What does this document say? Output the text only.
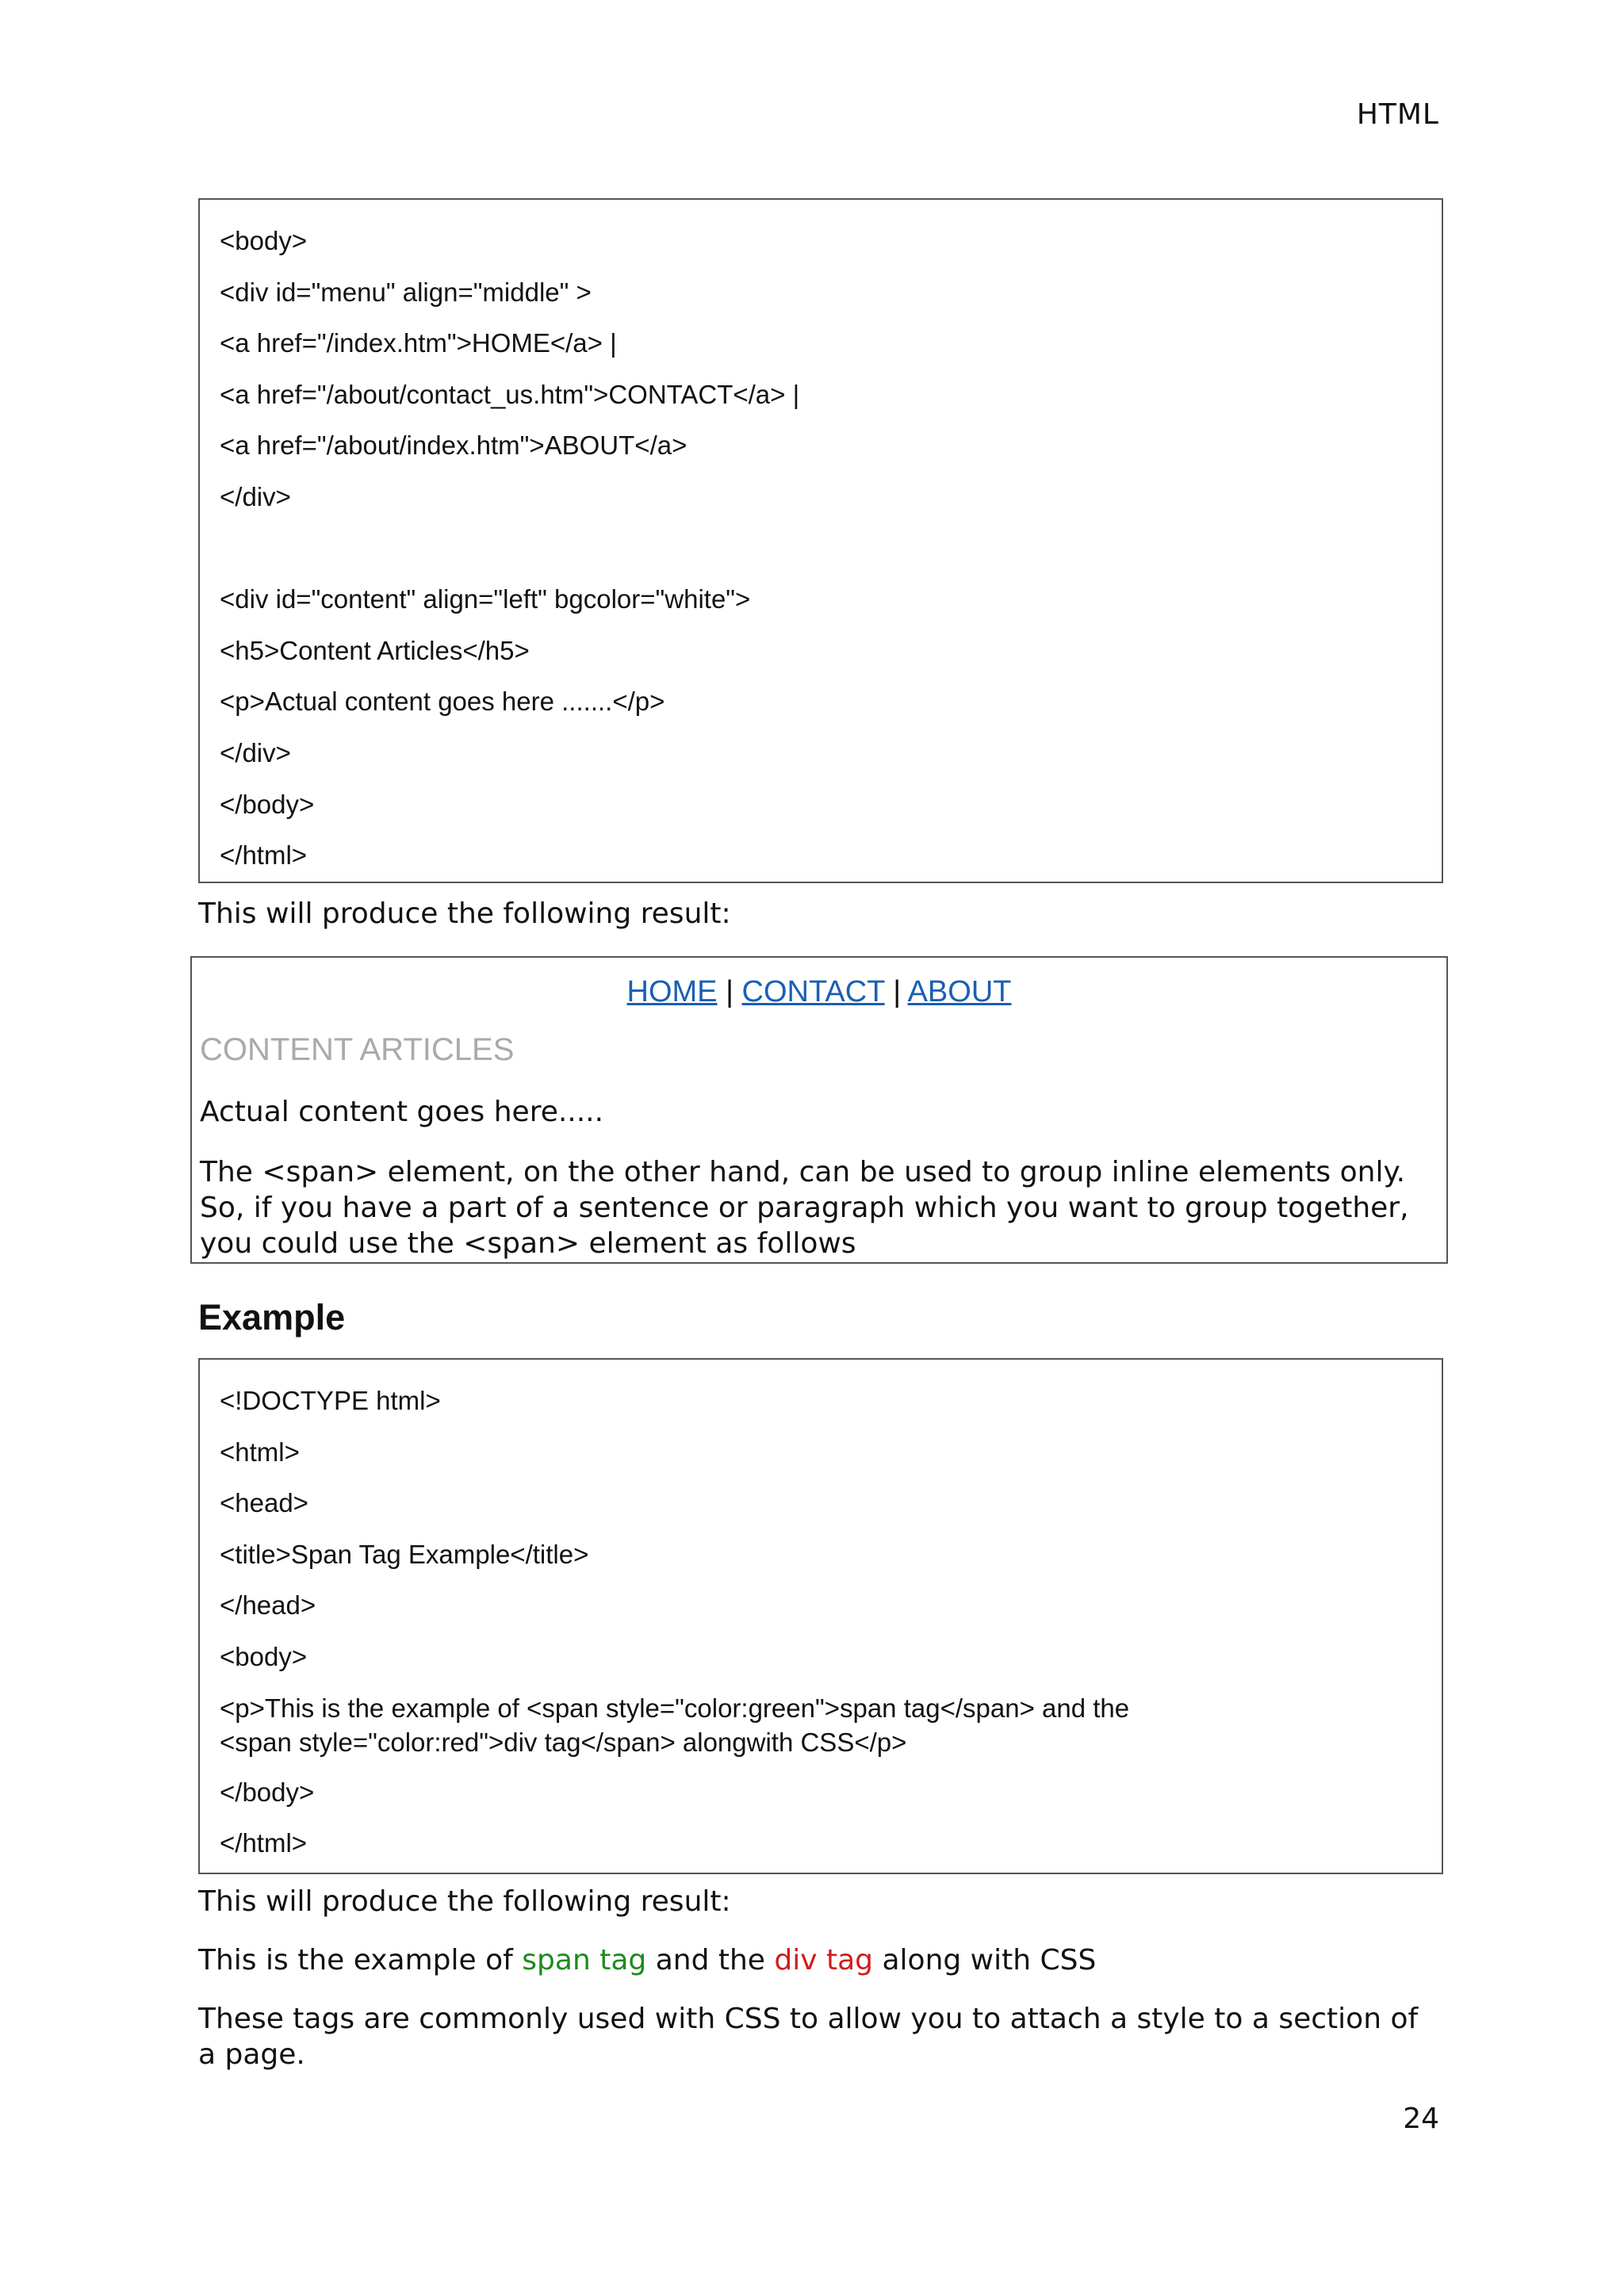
HTML
<body>
<div id="menu" align="middle" >
<a href="/index.htm">HOME</a> |
<a href="/about/contact_us.htm">CONTACT</a> |
<a href="/about/index.htm">ABOUT</a>
</div>
<div id="content" align="left" bgcolor="white">
<h5>Content Articles</h5>
<p>Actual content goes here .......</p>
</div>
</body>
</html>
This will produce the following result:
HOME | CONTACT | ABOUT
CONTENT ARTICLES
Actual content goes here.....
The <span> element, on the other hand, can be used to group inline elements only. So, if you have a part of a sentence or paragraph which you want to group together, you could use the <span> element as follows
Example
<!DOCTYPE html>
<html>
<head>
<title>Span Tag Example</title>
</head>
<body>
<p>This is the example of <span style="color:green">span tag</span> and the
<span style="color:red">div tag</span> alongwith CSS</p>
</body>
</html>
This will produce the following result:
This is the example of span tag and the div tag along with CSS
These tags are commonly used with CSS to allow you to attach a style to a section of a page.
24
